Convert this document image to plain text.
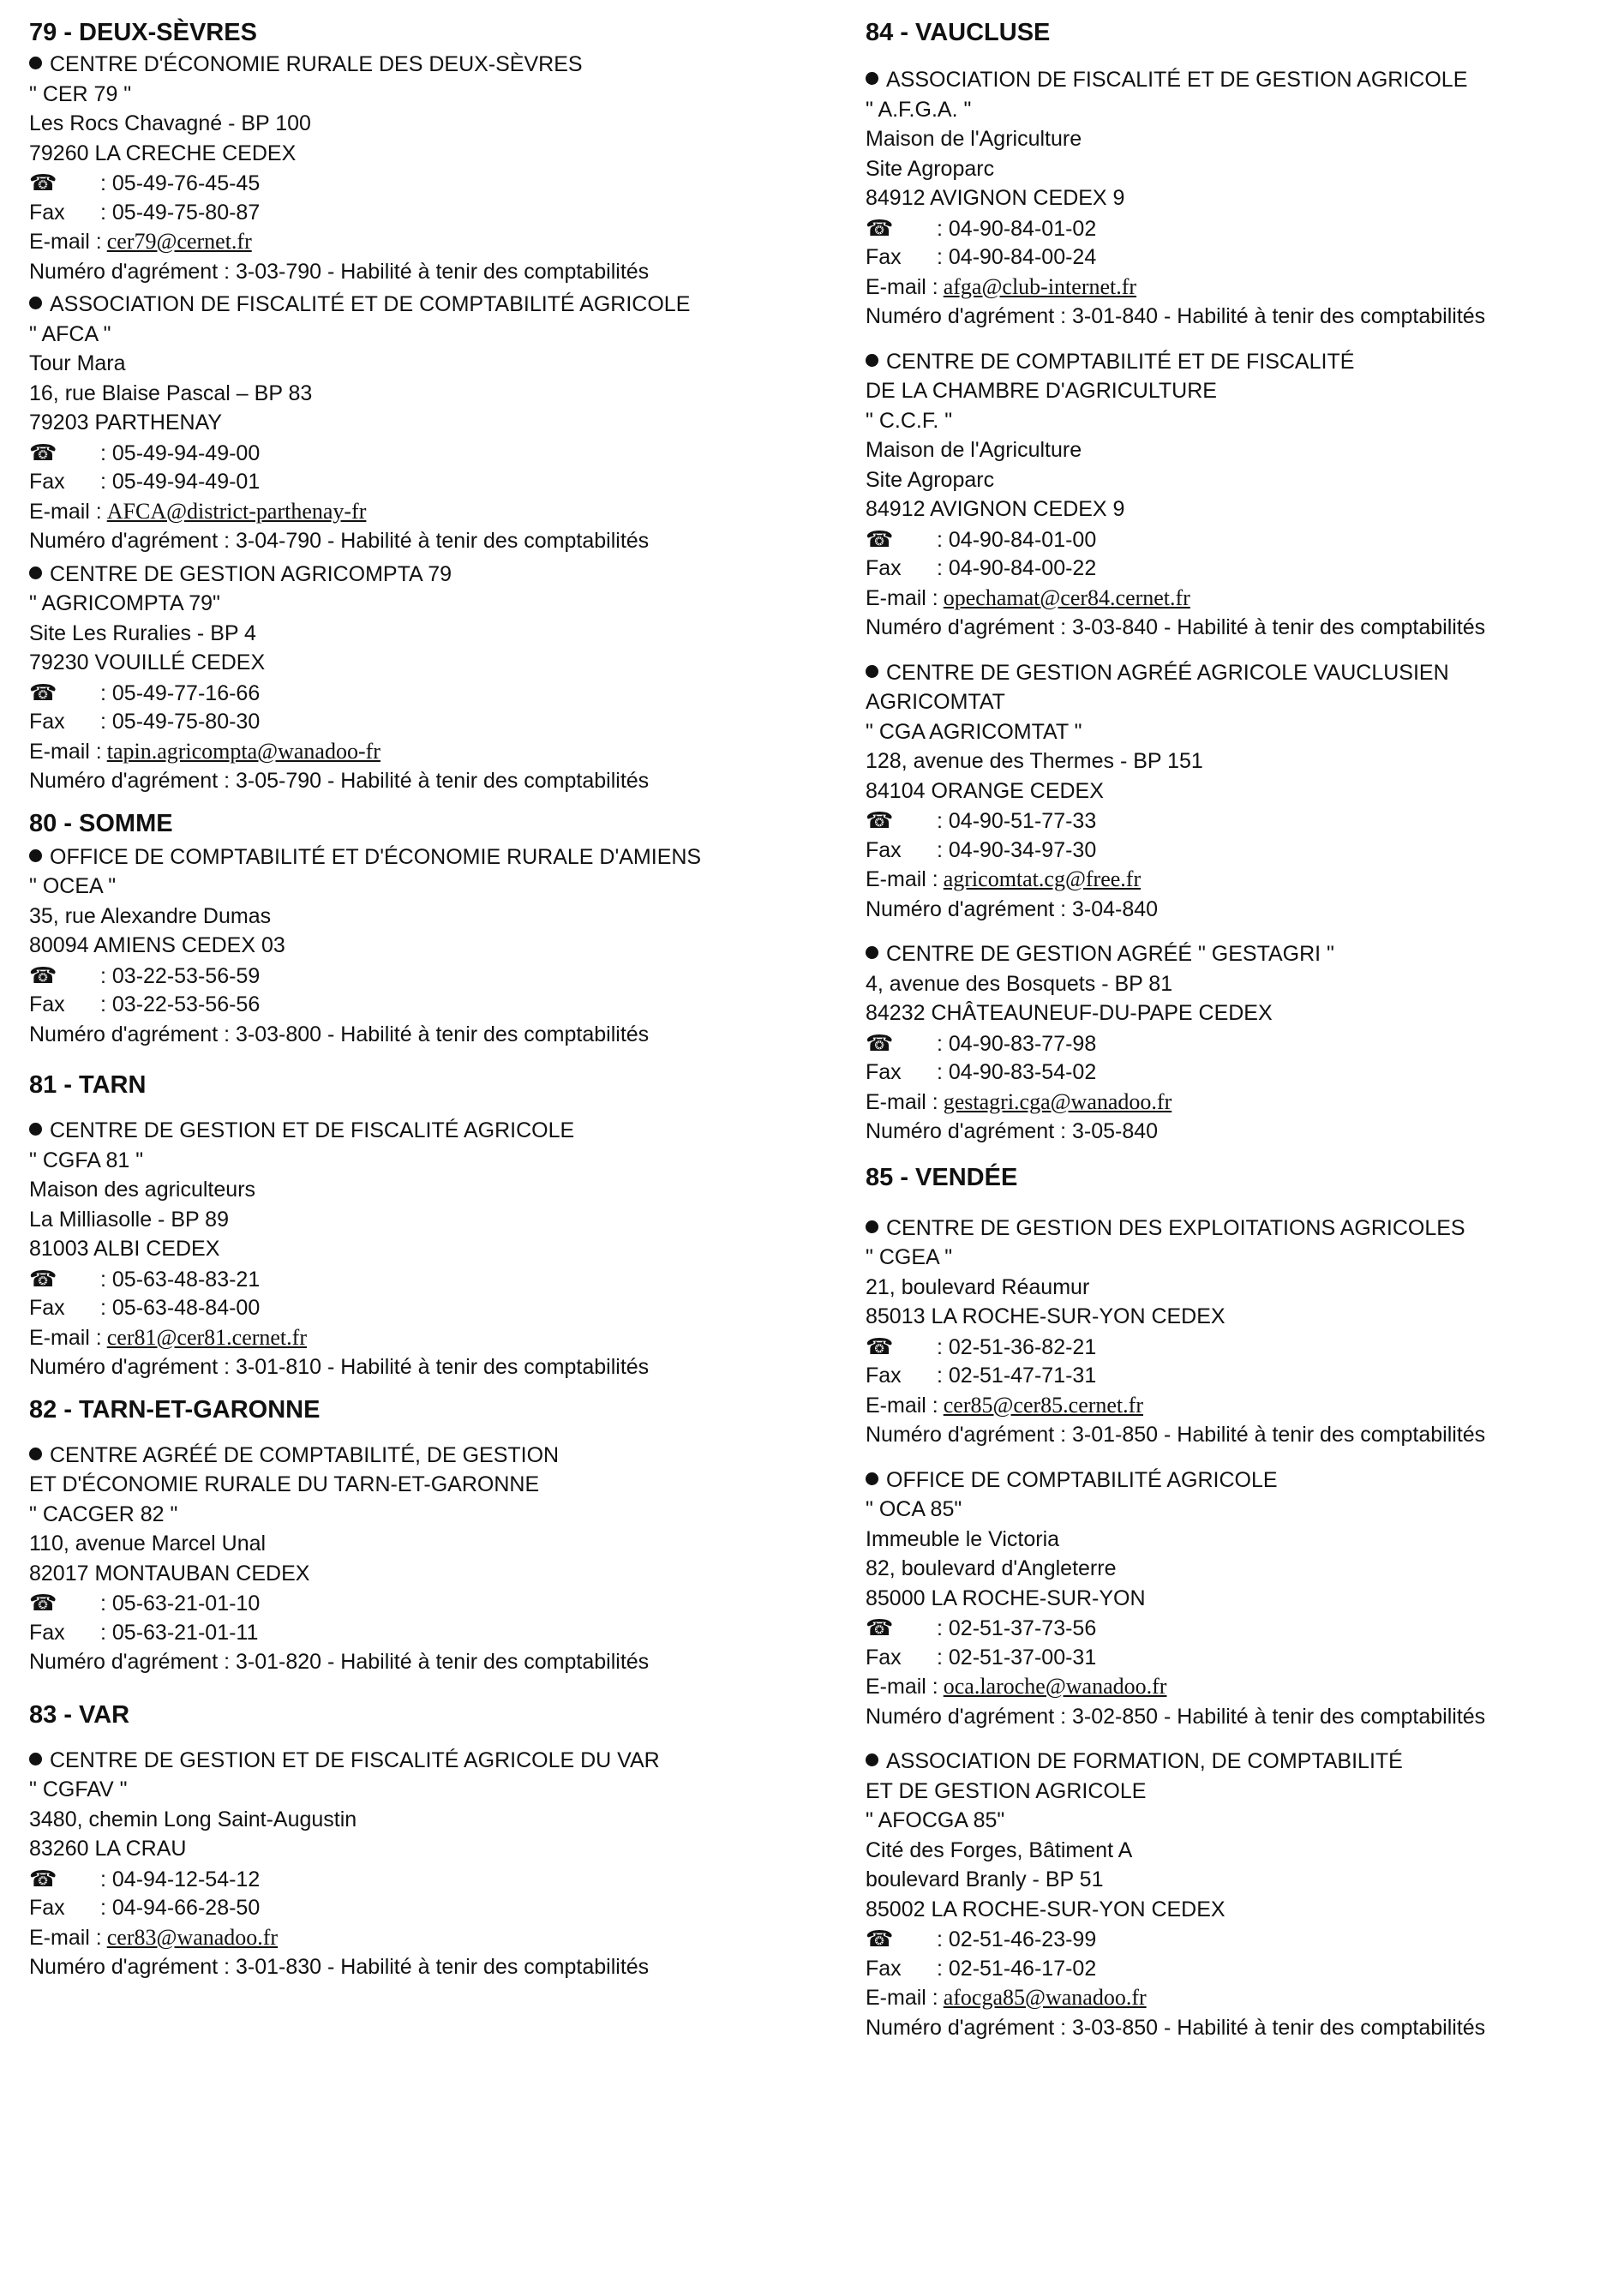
79 - DEUX-SÈVRES
CENTRE D'ÉCONOMIE RURALE DES DEUX-SÈVRES
" CER 79 "
Les Rocs Chavagné - BP 100
79260 LA CRECHE CEDEX
☎ : 05-49-76-45-45
Fax : 05-49-75-80-87
E-mail : cer79@cernet.fr
Numéro d'agrément : 3-03-790 - Habilité à tenir des comptabilités
ASSOCIATION DE FISCALITÉ ET DE COMPTABILITÉ AGRICOLE
" AFCA "
Tour Mara
16, rue Blaise Pascal – BP 83
79203 PARTHENAY
☎ : 05-49-94-49-00
Fax : 05-49-94-49-01
E-mail : AFCA@district-parthenay-fr
Numéro d'agrément : 3-04-790 - Habilité à tenir des comptabilités
CENTRE DE GESTION AGRICOMPTA 79
" AGRICOMPTA 79"
Site Les Ruralies - BP 4
79230 VOUILLÉ CEDEX
☎ : 05-49-77-16-66
Fax : 05-49-75-80-30
E-mail : tapin.agricompta@wanadoo-fr
Numéro d'agrément : 3-05-790 - Habilité à tenir des comptabilités
80 - SOMME
OFFICE DE COMPTABILITÉ ET D'ÉCONOMIE RURALE D'AMIENS
" OCEA "
35, rue Alexandre Dumas
80094 AMIENS CEDEX 03
☎ : 03-22-53-56-59
Fax : 03-22-53-56-56
Numéro d'agrément : 3-03-800 - Habilité à tenir des comptabilités
81 - TARN
CENTRE DE GESTION ET DE FISCALITÉ AGRICOLE
" CGFA 81 "
Maison des agriculteurs
La Milliasolle - BP 89
81003 ALBI CEDEX
☎ : 05-63-48-83-21
Fax : 05-63-48-84-00
E-mail : cer81@cer81.cernet.fr
Numéro d'agrément : 3-01-810 - Habilité à tenir des comptabilités
82 - TARN-ET-GARONNE
CENTRE AGRÉÉ DE COMPTABILITÉ, DE GESTION
ET D'ÉCONOMIE RURALE DU TARN-ET-GARONNE
" CACGER 82 "
110, avenue Marcel Unal
82017 MONTAUBAN CEDEX
☎ : 05-63-21-01-10
Fax : 05-63-21-01-11
Numéro d'agrément : 3-01-820 - Habilité à tenir des comptabilités
83 - VAR
CENTRE DE GESTION ET DE FISCALITÉ AGRICOLE DU VAR
" CGFAV "
3480, chemin Long Saint-Augustin
83260 LA CRAU
☎ : 04-94-12-54-12
Fax : 04-94-66-28-50
E-mail : cer83@wanadoo.fr
Numéro d'agrément : 3-01-830 - Habilité à tenir des comptabilités
84 - VAUCLUSE
ASSOCIATION DE FISCALITÉ ET DE GESTION AGRICOLE
" A.F.G.A. "
Maison de l'Agriculture
Site Agroparc
84912 AVIGNON CEDEX 9
☎ : 04-90-84-01-02
Fax : 04-90-84-00-24
E-mail : afga@club-internet.fr
Numéro d'agrément : 3-01-840 - Habilité à tenir des comptabilités
CENTRE DE COMPTABILITÉ ET DE FISCALITÉ
DE LA CHAMBRE D'AGRICULTURE
" C.C.F. "
Maison de l'Agriculture
Site Agroparc
84912 AVIGNON CEDEX 9
☎ : 04-90-84-01-00
Fax : 04-90-84-00-22
E-mail : opechamat@cer84.cernet.fr
Numéro d'agrément : 3-03-840 - Habilité à tenir des comptabilités
CENTRE DE GESTION AGRÉÉ AGRICOLE VAUCLUSIEN
AGRICOMTAT
" CGA AGRICOMTAT "
128, avenue des Thermes - BP 151
84104 ORANGE CEDEX
☎ : 04-90-51-77-33
Fax : 04-90-34-97-30
E-mail : agricomtat.cg@free.fr
Numéro d'agrément : 3-04-840
CENTRE DE GESTION AGRÉÉ " GESTAGRI "
4, avenue des Bosquets - BP 81
84232 CHÂTEAUNEUF-DU-PAPE CEDEX
☎ : 04-90-83-77-98
Fax : 04-90-83-54-02
E-mail : gestagri.cga@wanadoo.fr
Numéro d'agrément : 3-05-840
85 - VENDÉE
CENTRE DE GESTION DES EXPLOITATIONS AGRICOLES
" CGEA "
21, boulevard Réaumur
85013 LA ROCHE-SUR-YON CEDEX
☎ : 02-51-36-82-21
Fax : 02-51-47-71-31
E-mail : cer85@cer85.cernet.fr
Numéro d'agrément : 3-01-850 - Habilité à tenir des comptabilités
OFFICE DE COMPTABILITÉ AGRICOLE
" OCA 85"
Immeuble le Victoria
82, boulevard d'Angleterre
85000 LA ROCHE-SUR-YON
☎ : 02-51-37-73-56
Fax : 02-51-37-00-31
E-mail : oca.laroche@wanadoo.fr
Numéro d'agrément : 3-02-850 - Habilité à tenir des comptabilités
ASSOCIATION DE FORMATION, DE COMPTABILITÉ
ET DE GESTION AGRICOLE
" AFOCGA 85"
Cité des Forges, Bâtiment A
boulevard Branly - BP 51
85002 LA ROCHE-SUR-YON CEDEX
☎ : 02-51-46-23-99
Fax : 02-51-46-17-02
E-mail : afocga85@wanadoo.fr
Numéro d'agrément : 3-03-850 - Habilité à tenir des comptabilités
